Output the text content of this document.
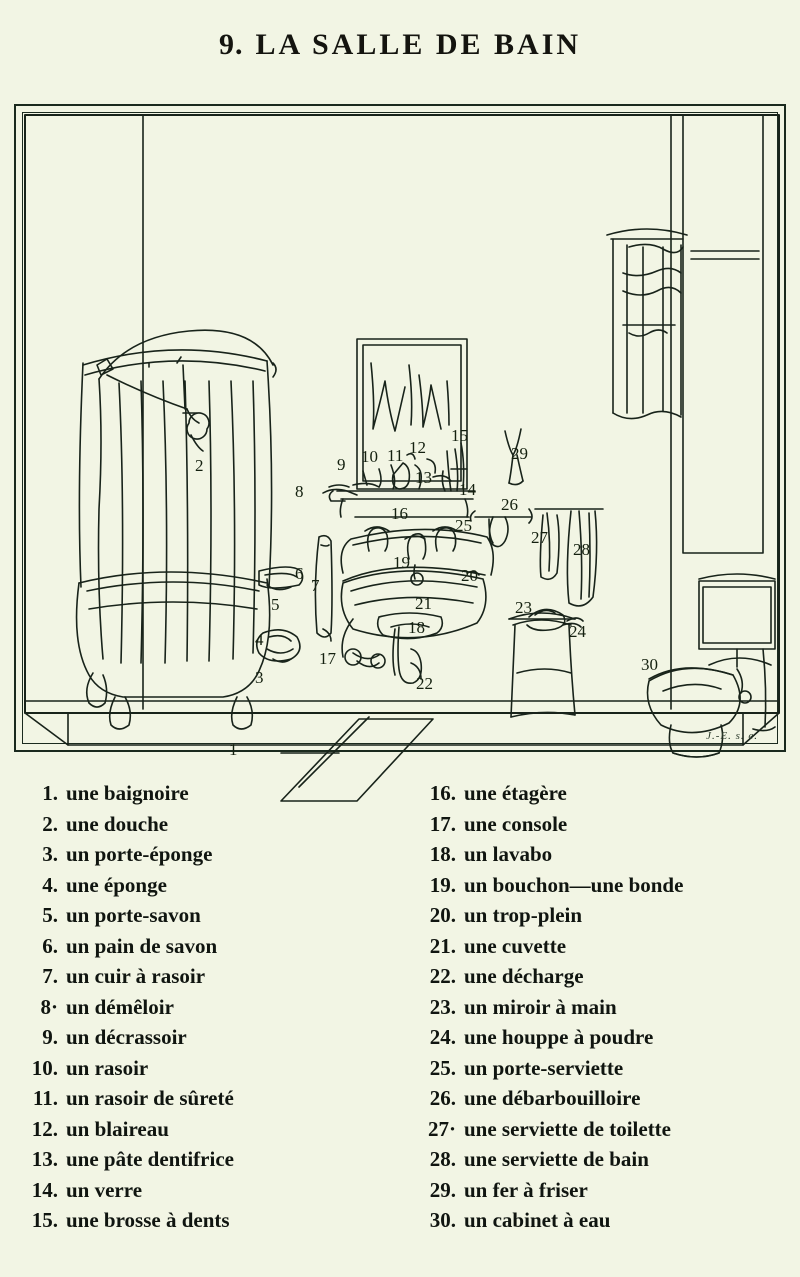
9. LA SALLE DE BAIN
1
2
3
4
5
6
7
8
9 10 11 12
13
14
15
16
17
18
19
20
21
22
23
24
25
26
27
28
29
30
J.-E. s. e.
1. une baignoire
2. une douche
3. un porte-éponge
4. une éponge
5. un porte-savon
6. un pain de savon
7. un cuir à rasoir
8· un démêloir
9. un décrassoir
10. un rasoir
11. un rasoir de sûreté
12. un blaireau
13. une pâte dentifrice
14. un verre
15. une brosse à dents
16. une étagère
17. une console
18. un lavabo
19. un bouchon—une bonde
20. un trop-plein
21. une cuvette
22. une décharge
23. un miroir à main
24. une houppe à poudre
25. un porte-serviette
26. une débarbouilloire
27· une serviette de toilette
28. une serviette de bain
29. un fer à friser
30. un cabinet à eau
